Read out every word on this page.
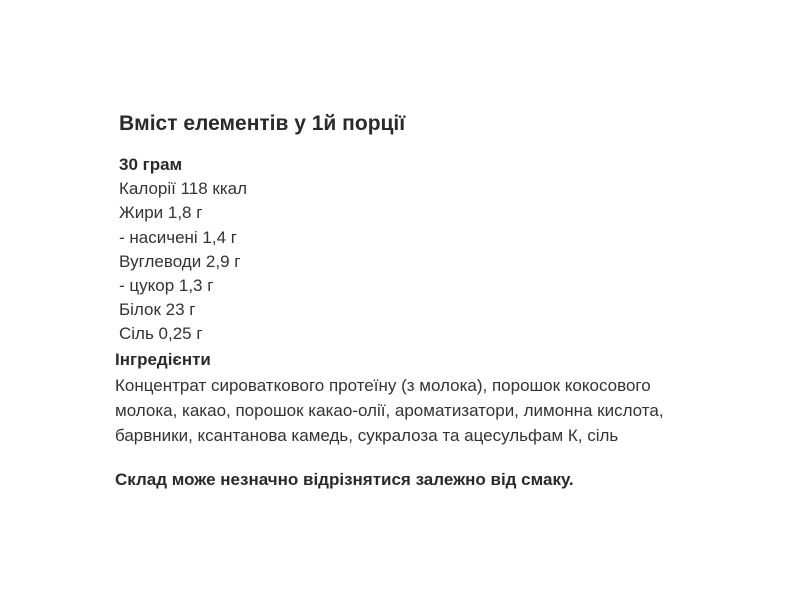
Вміст елементів у 1й порції
30 грам
Калорії 118 ккал
Жири 1,8 г
- насичені 1,4 г
Вуглеводи 2,9 г
- цукор 1,3 г
Білок 23 г
Сіль 0,25 г
Інгредієнти
Концентрат сироваткового протеїну (з молока), порошок кокосового
молока, какао, порошок какао-олії, ароматизатори, лимонна кислота,
барвники, ксантанова камедь, сукралоза та ацесульфам К, сіль
Склад може незначно відрізнятися залежно від смаку.
